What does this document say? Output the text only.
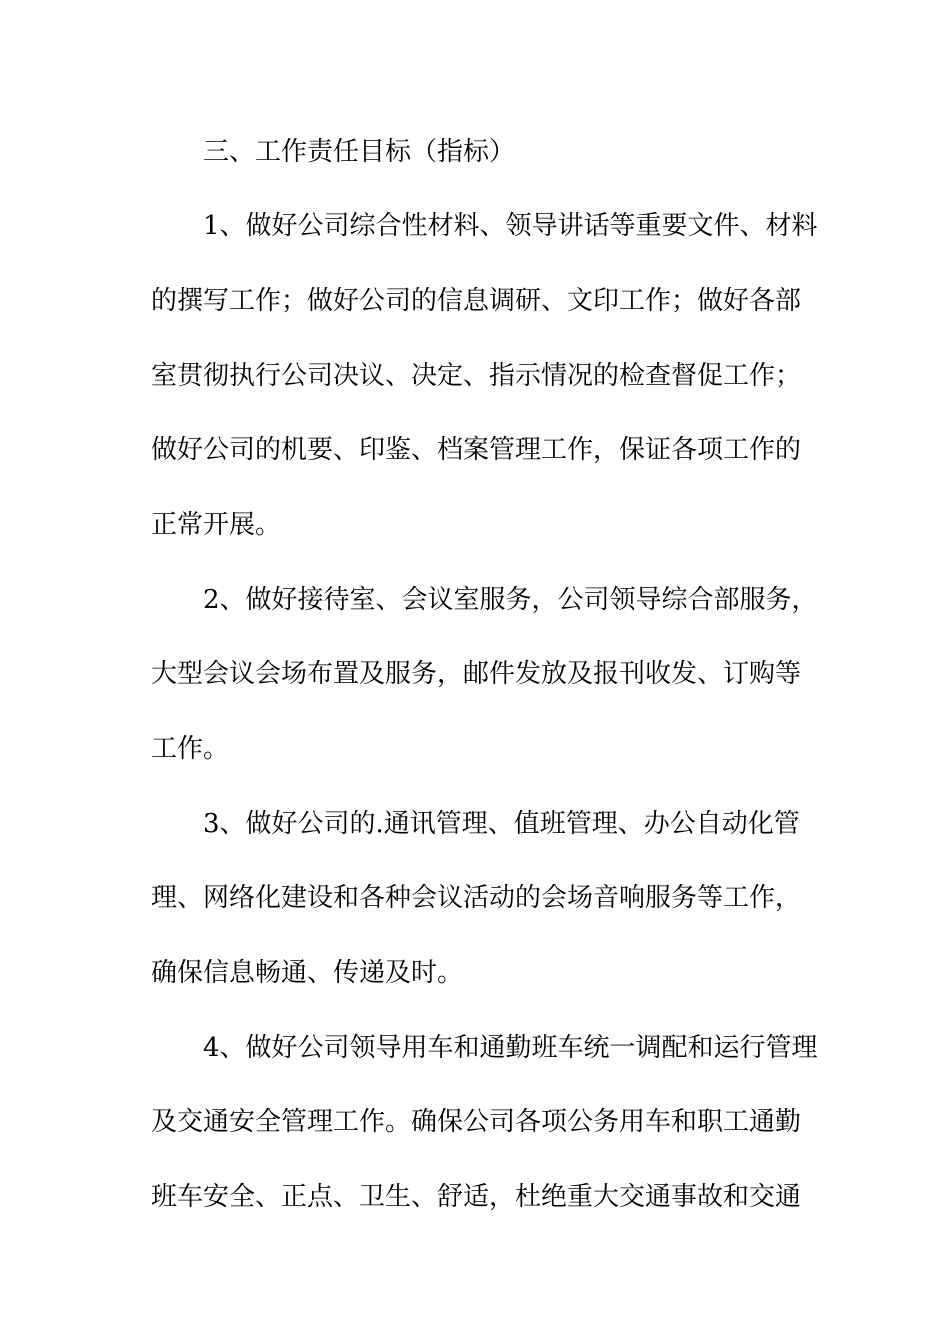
三、工作责任目标（指标）
1、做好公司综合性材料、领导讲话等重要文件、材料
的撰写工作；做好公司的信息调研、文印工作；做好各部
室贯彻执行公司决议、决定、指示情况的检查督促工作；
做好公司的机要、印鉴、档案管理工作，保证各项工作的
正常开展。
2、做好接待室、会议室服务，公司领导综合部服务，
大型会议会场布置及服务，邮件发放及报刊收发、订购等
工作。
3、做好公司的.通讯管理、值班管理、办公自动化管
理、网络化建设和各种会议活动的会场音响服务等工作，
确保信息畅通、传递及时。
4、做好公司领导用车和通勤班车统一调配和运行管理
及交通安全管理工作。确保公司各项公务用车和职工通勤
班车安全、正点、卫生、舒适，杜绝重大交通事故和交通
